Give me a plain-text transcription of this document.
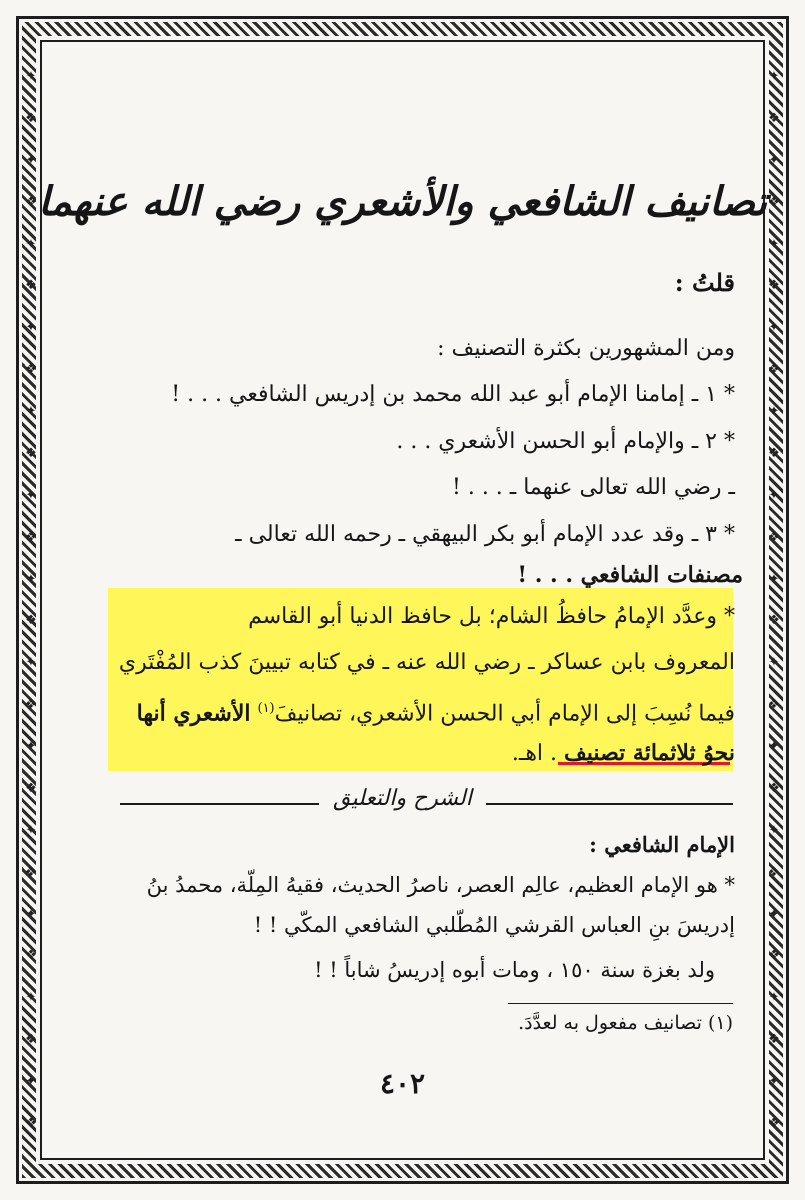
✦
❖
✦
❖
✦
❖
✦
❖
✦
❖
✦
❖
✦
❖
✦
❖
✦
❖
✦
❖
✦
❖
✦
❖
✦
❖
✦
❖
✦
❖
✦
❖
✦
❖
✦
❖
✦
❖
✦
❖
✦
❖
✦
❖
✦
❖
✦
❖
✦
❖
✦
❖
تصانيف الشافعي والأشعري رضي الله عنهما
قلتُ :
ومن المشهورين بكثرة التصنيف :
* ١ ـ إمامنا الإمام أبو عبد الله محمد بن إدريس الشافعي . . . !
* ٢ ـ والإمام أبو الحسن الأشعري . . .
ـ رضي الله تعالى عنهما ـ . . . !
* ٣ ـ وقد عدد الإمام أبو بكر البيهقي ـ رحمه الله تعالى ـ
مصنفات الشافعي . . . !
* وعدَّد الإمامُ حافظُ الشام؛ بل حافظ الدنيا أبو القاسم
المعروف بابن عساكر ـ رضي الله عنه ـ في كتابه تبيينَ كذب المُفْتَري
فيما نُسِبَ إلى الإمام أبي الحسن الأشعري، تصانيفَ$^{(١)}$ الأشعري أنها
نحوُ ثلاثمائة تصنيف . اهـ.
الشرح والتعليق
الإمام الشافعي :
* هو الإمام العظيم، عالِم العصر، ناصرُ الحديث، فقيهُ المِلّة، محمدُ بنُ
إدريسَ بنِ العباس القرشي المُطّلبي الشافعي المكّي ! !
ولد بغزة سنة ١٥٠ ، ومات أبوه إدريسُ شاباً ! !
(١) تصانيف مفعول به لعدَّدَ.
٤٠٢
